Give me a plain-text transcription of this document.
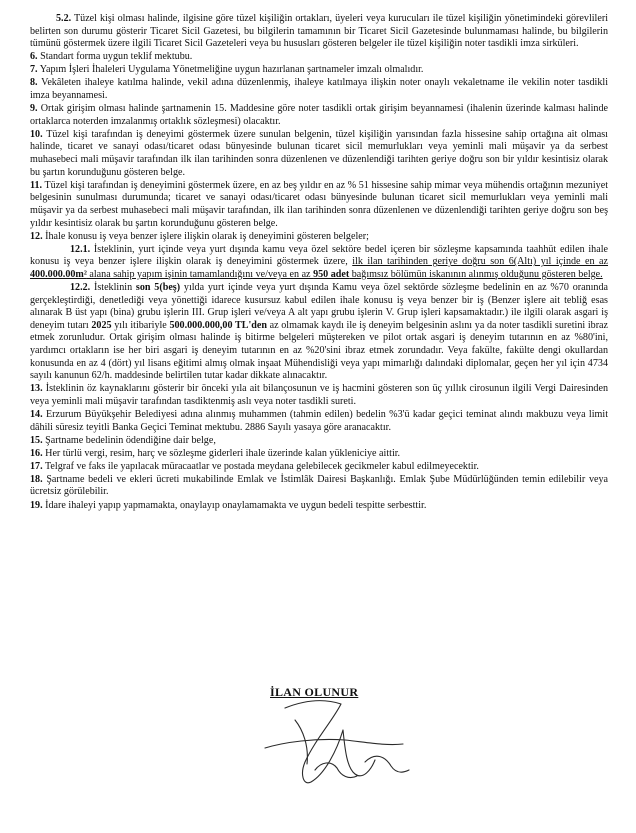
5.2. Tüzel kişi olması halinde, ilgisine göre tüzel kişiliğin ortakları, üyeleri veya kurucuları ile tüzel kişiliğin yönetimindeki görevlileri belirten son durumu gösterir Ticaret Sicil Gazetesi, bu bilgilerin tamamının bir Ticaret Sicil Gazetesinde bulunmaması halinde, bu bilgilerin tümünü göstermek üzere ilgili Ticaret Sicil Gazeteleri veya bu hususları gösteren belgeler ile tüzel kişiliğin noter tasdikli imza sirküleri.

6. Standart forma uygun teklif mektubu.

7. Yapım İşleri İhaleleri Uygulama Yönetmeliğine uygun hazırlanan şartnameler imzalı olmalıdır.

8. Vekâleten ihaleye katılma halinde, vekil adına düzenlenmiş, ihaleye katılmaya ilişkin noter onaylı vekaletname ile vekilin noter tasdikli imza beyannamesi.

9. Ortak girişim olması halinde şartnamenin 15. Maddesine göre noter tasdikli ortak girişim beyannamesi (ihalenin üzerinde kalması halinde ortaklarca noterden imzalanmış ortaklık sözleşmesi) olacaktır.

10. Tüzel kişi tarafından iş deneyimi göstermek üzere sunulan belgenin, tüzel kişiliğin yarısından fazla hissesine sahip ortağına ait olması halinde, ticaret ve sanayi odası/ticaret odası bünyesinde bulunan ticaret sicil memurlukları veya yeminli mali müşavir ya da serbest muhasebeci mali müşavir tarafından ilk ilan tarihinden sonra düzenlenen ve düzenlendiği tarihten geriye doğru son bir yıldır kesintisiz olarak bu şartın korunduğunu gösteren belge.

11. Tüzel kişi tarafından iş deneyimini göstermek üzere, en az beş yıldır en az % 51 hissesine sahip mimar veya mühendis ortağının mezuniyet belgesinin sunulması durumunda; ticaret ve sanayi odası/ticaret odası bünyesinde bulunan ticaret sicil memurlukları veya yeminli mali müşavir ya da serbest muhasebeci mali müşavir tarafından, ilk ilan tarihinden sonra düzenlenen ve düzenlendiği tarihten geriye doğru son beş yıldır kesintisiz olarak bu şartın korunduğunu gösteren belge.

12. İhale konusu iş veya benzer işlere ilişkin olarak iş deneyimini gösteren belgeler;

12.1. İsteklinin, yurt içinde veya yurt dışında kamu veya özel sektöre bedel içeren bir sözleşme kapsamında taahhüt edilen ihale konusu iş veya benzer işlere ilişkin olarak iş deneyimini göstermek üzere, ilk ilan tarihinden geriye doğru son 6(Altı) yıl içinde en az 400.000.00m² alana sahip yapım işinin tamamlandığını ve/veya en az 950 adet bağımsız bölümün iskanının alınmış olduğunu gösteren belge.

12.2. İsteklinin son 5(beş) yılda yurt içinde veya yurt dışında Kamu veya özel sektörde sözleşme bedelinin en az %70 oranında gerçekleştirdiği, denetlediği veya yönettiği idarece kusursuz kabul edilen ihale konusu iş veya benzer bir iş (Benzer işlere ait tebliğ esas alınarak B üst yapı (bina) grubu işlerin III. Grup işleri ve/veya A alt yapı grubu işlerin V. Grup işleri kapsamaktadır.) ile ilgili olarak asgari iş deneyim tutarı 2025 yılı itibariyle 500.000.000,00 TL'den az olmamak kaydı ile iş deneyim belgesinin aslını ya da noter tasdikli suretini ibraz etmek zorunludur. Ortak girişim olması halinde iş bitirme belgeleri müştereken ve pilot ortak asgari iş deneyim tutarının en az %80'ini, yardımcı ortakların ise her biri asgari iş deneyim tutarının en az %20'sini ibraz etmek zorundadır. Veya fakülte, fakülte dengi okullardan konusunda en az 4 (dört) yıl lisans eğitimi almış olmak inşaat Mühendisliği veya yapı mimarlığı dalındaki diplomalar, geçen her yıl için 4734 sayılı kanunun 62/h. maddesinde belirtilen tutar kadar dikkate alınacaktır.

13. İsteklinin öz kaynaklarını gösterir bir önceki yıla ait bilançosunun ve iş hacmini gösteren son üç yıllık cirosunun ilgili Vergi Dairesinden veya yeminli mali müşavir tarafından tasdiktenmiş aslı veya noter tasdikli sureti.

14. Erzurum Büyükşehir Belediyesi adına alınmış muhammen (tahmin edilen) bedelin %3'ü kadar geçici teminat alındı makbuzu veya limit dâhili süresiz teyitli Banka Geçici Teminat mektubu. 2886 Sayılı yasaya göre aranacaktır.

15. Şartname bedelinin ödendiğine dair belge,

16. Her türlü vergi, resim, harç ve sözleşme giderleri ihale üzerinde kalan yükleniciye aittir.

17. Telgraf ve faks ile yapılacak müracaatlar ve postada meydana gelebilecek gecikmeler kabul edilmeyecektir.

18. Şartname bedeli ve ekleri ücreti mukabilinde Emlak ve İstimlâk Dairesi Başkanlığı. Emlak Şube Müdürlüğünden temin edilebilir veya ücretsiz görülebilir.

19. İdare ihaleyi yapıp yapmamakta, onaylayıp onaylamamakta ve uygun bedeli tespitte serbesttir.

İLAN OLUNUR
